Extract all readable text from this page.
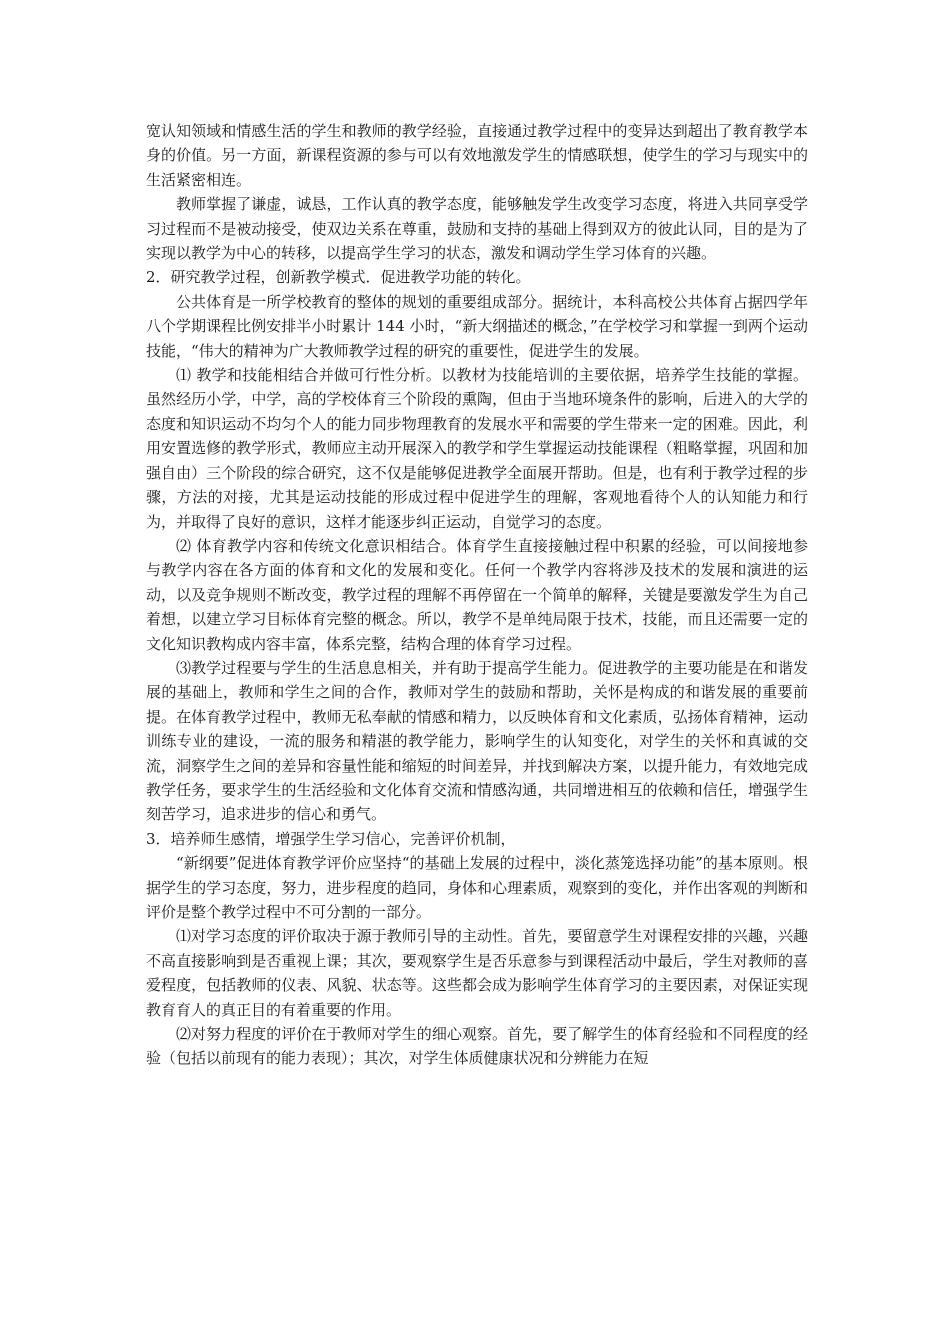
宽认知领域和情感生活的学生和教师的教学经验，直接通过教学过程中的变异达到超出了教育教学本身的价值。另一方面，新课程资源的参与可以有效地激发学生的情感联想，使学生的学习与现实中的生活紧密相连。

教师掌握了谦虚，诚恳，工作认真的教学态度，能够触发学生改变学习态度，将进入共同享受学习过程而不是被动接受，使双边关系在尊重，鼓励和支持的基础上得到双方的彼此认同，目的是为了实现以教学为中心的转移，以提高学生学习的状态，激发和调动学生学习体育的兴趣。

2．研究教学过程，创新教学模式．促进教学功能的转化。

公共体育是一所学校教育的整体的规划的重要组成部分。据统计，本科高校公共体育占据四学年八个学期课程比例安排半小时累计 144 小时，“新大纲描述的概念，”在学校学习和掌握一到两个运动技能，“伟大的精神为广大教师教学过程的研究的重要性，促进学生的发展。

⑴ 教学和技能相结合并做可行性分析。以教材为技能培训的主要依据，培养学生技能的掌握。虽然经历小学，中学，高的学校体育三个阶段的熏陶，但由于当地环境条件的影响，后进入的大学的态度和知识运动不均匀个人的能力同步物理教育的发展水平和需要的学生带来一定的困难。因此，利用安置选修的教学形式，教师应主动开展深入的教学和学生掌握运动技能课程（粗略掌握，巩固和加强自由）三个阶段的综合研究，这不仅是能够促进教学全面展开帮助。但是，也有利于教学过程的步骤，方法的对接，尤其是运动技能的形成过程中促进学生的理解，客观地看待个人的认知能力和行为，并取得了良好的意识，这样才能逐步纠正运动，自觉学习的态度。

⑵ 体育教学内容和传统文化意识相结合。体育学生直接接触过程中积累的经验，可以间接地参与教学内容在各方面的体育和文化的发展和变化。任何一个教学内容将涉及技术的发展和演进的运动，以及竞争规则不断改变，教学过程的理解不再停留在一个简单的解释，关键是要激发学生为自己着想，以建立学习目标体育完整的概念。所以，教学不是单纯局限于技术，技能，而且还需要一定的文化知识教构成内容丰富，体系完整，结构合理的体育学习过程。

⑶教学过程要与学生的生活息息相关，并有助于提高学生能力。促进教学的主要功能是在和谐发展的基础上，教师和学生之间的合作，教师对学生的鼓励和帮助，关怀是构成的和谐发展的重要前提。在体育教学过程中，教师无私奉献的情感和精力，以反映体育和文化素质，弘扬体育精神，运动训练专业的建设，一流的服务和精湛的教学能力，影响学生的认知变化，对学生的关怀和真诚的交流，洞察学生之间的差异和容量性能和缩短的时间差异，并找到解决方案，以提升能力，有效地完成教学任务，要求学生的生活经验和文化体育交流和情感沟通，共同增进相互的依赖和信任，增强学生刻苦学习，追求进步的信心和勇气。

3．培养师生感情，增强学生学习信心，完善评价机制，

“新纲要”促进体育教学评价应坚持“的基础上发展的过程中，淡化蒸笼选择功能”的基本原则。根据学生的学习态度，努力，进步程度的趋同，身体和心理素质，观察到的变化，并作出客观的判断和评价是整个教学过程中不可分割的一部分。

⑴对学习态度的评价取决于源于教师引导的主动性。首先，要留意学生对课程安排的兴趣，兴趣不高直接影响到是否重视上课；其次，要观察学生是否乐意参与到课程活动中最后，学生对教师的喜爱程度，包括教师的仪表、风貌、状态等。这些都会成为影响学生体育学习的主要因素，对保证实现教育育人的真正目的有着重要的作用。

⑵对努力程度的评价在于教师对学生的细心观察。首先，要了解学生的体育经验和不同程度的经验（包括以前现有的能力表现）；其次，对学生体质健康状况和分辨能力在短
